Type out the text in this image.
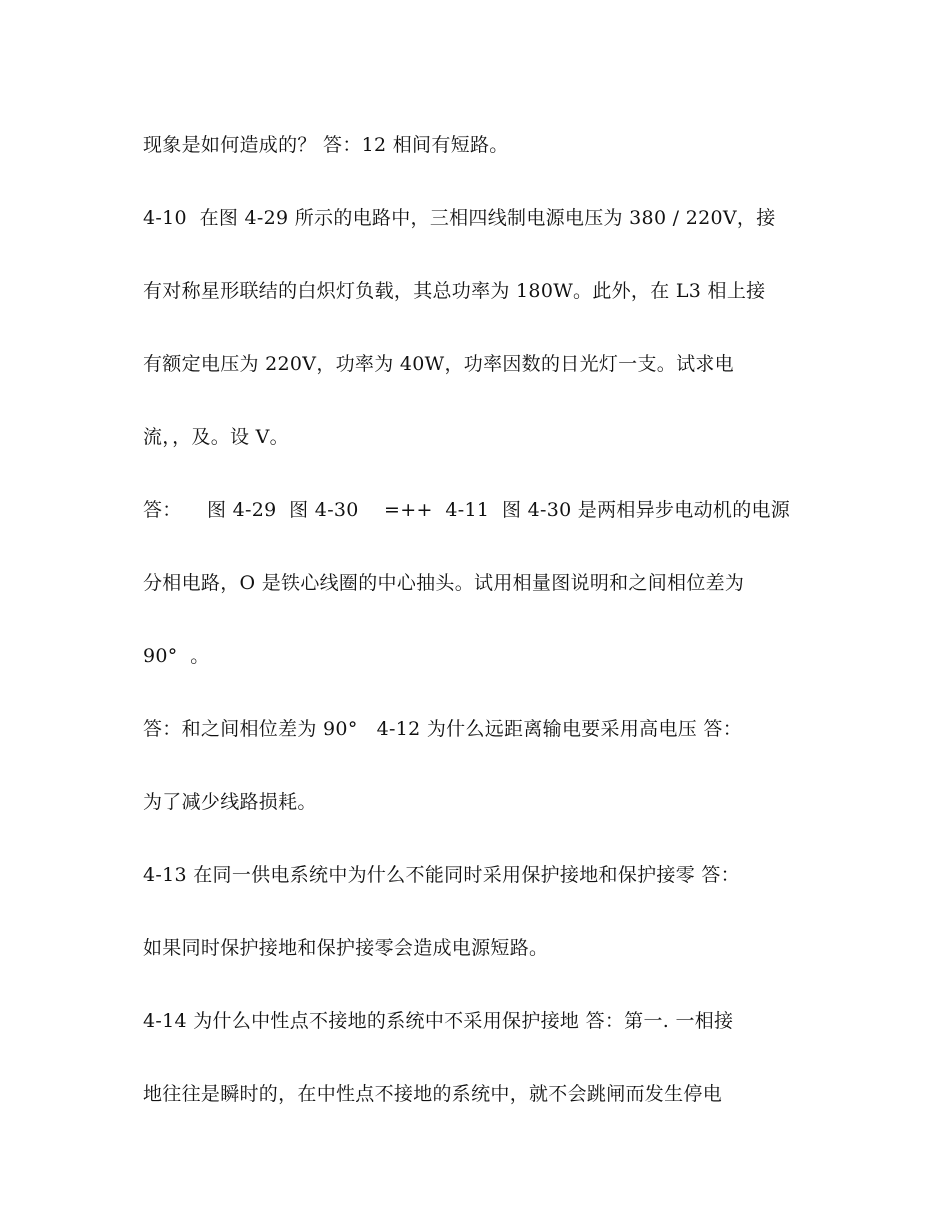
现象是如何造成的？ 答：12 相间有短路。

4-10  在图 4-29 所示的电路中，三相四线制电源电压为 380 / 220V，接

有对称星形联结的白炽灯负载，其总功率为 180W。此外，在 L3 相上接

有额定电压为 220V，功率为 40W，功率因数的日光灯一支。试求电

流，，及。设 V。

答：    图 4-29  图 4-30    =++  4-11  图 4-30 是两相异步电动机的电源

分相电路，O 是铁心线圈的中心抽头。试用相量图说明和之间相位差为

90°  。

答：和之间相位差为 90°   4-12 为什么远距离输电要采用高电压 答：

为了减少线路损耗。

4-13 在同一供电系统中为什么不能同时采用保护接地和保护接零 答：

如果同时保护接地和保护接零会造成电源短路。

4-14 为什么中性点不接地的系统中不采用保护接地 答：第一. 一相接

地往往是瞬时的，在中性点不接地的系统中，就不会跳闸而发生停电
